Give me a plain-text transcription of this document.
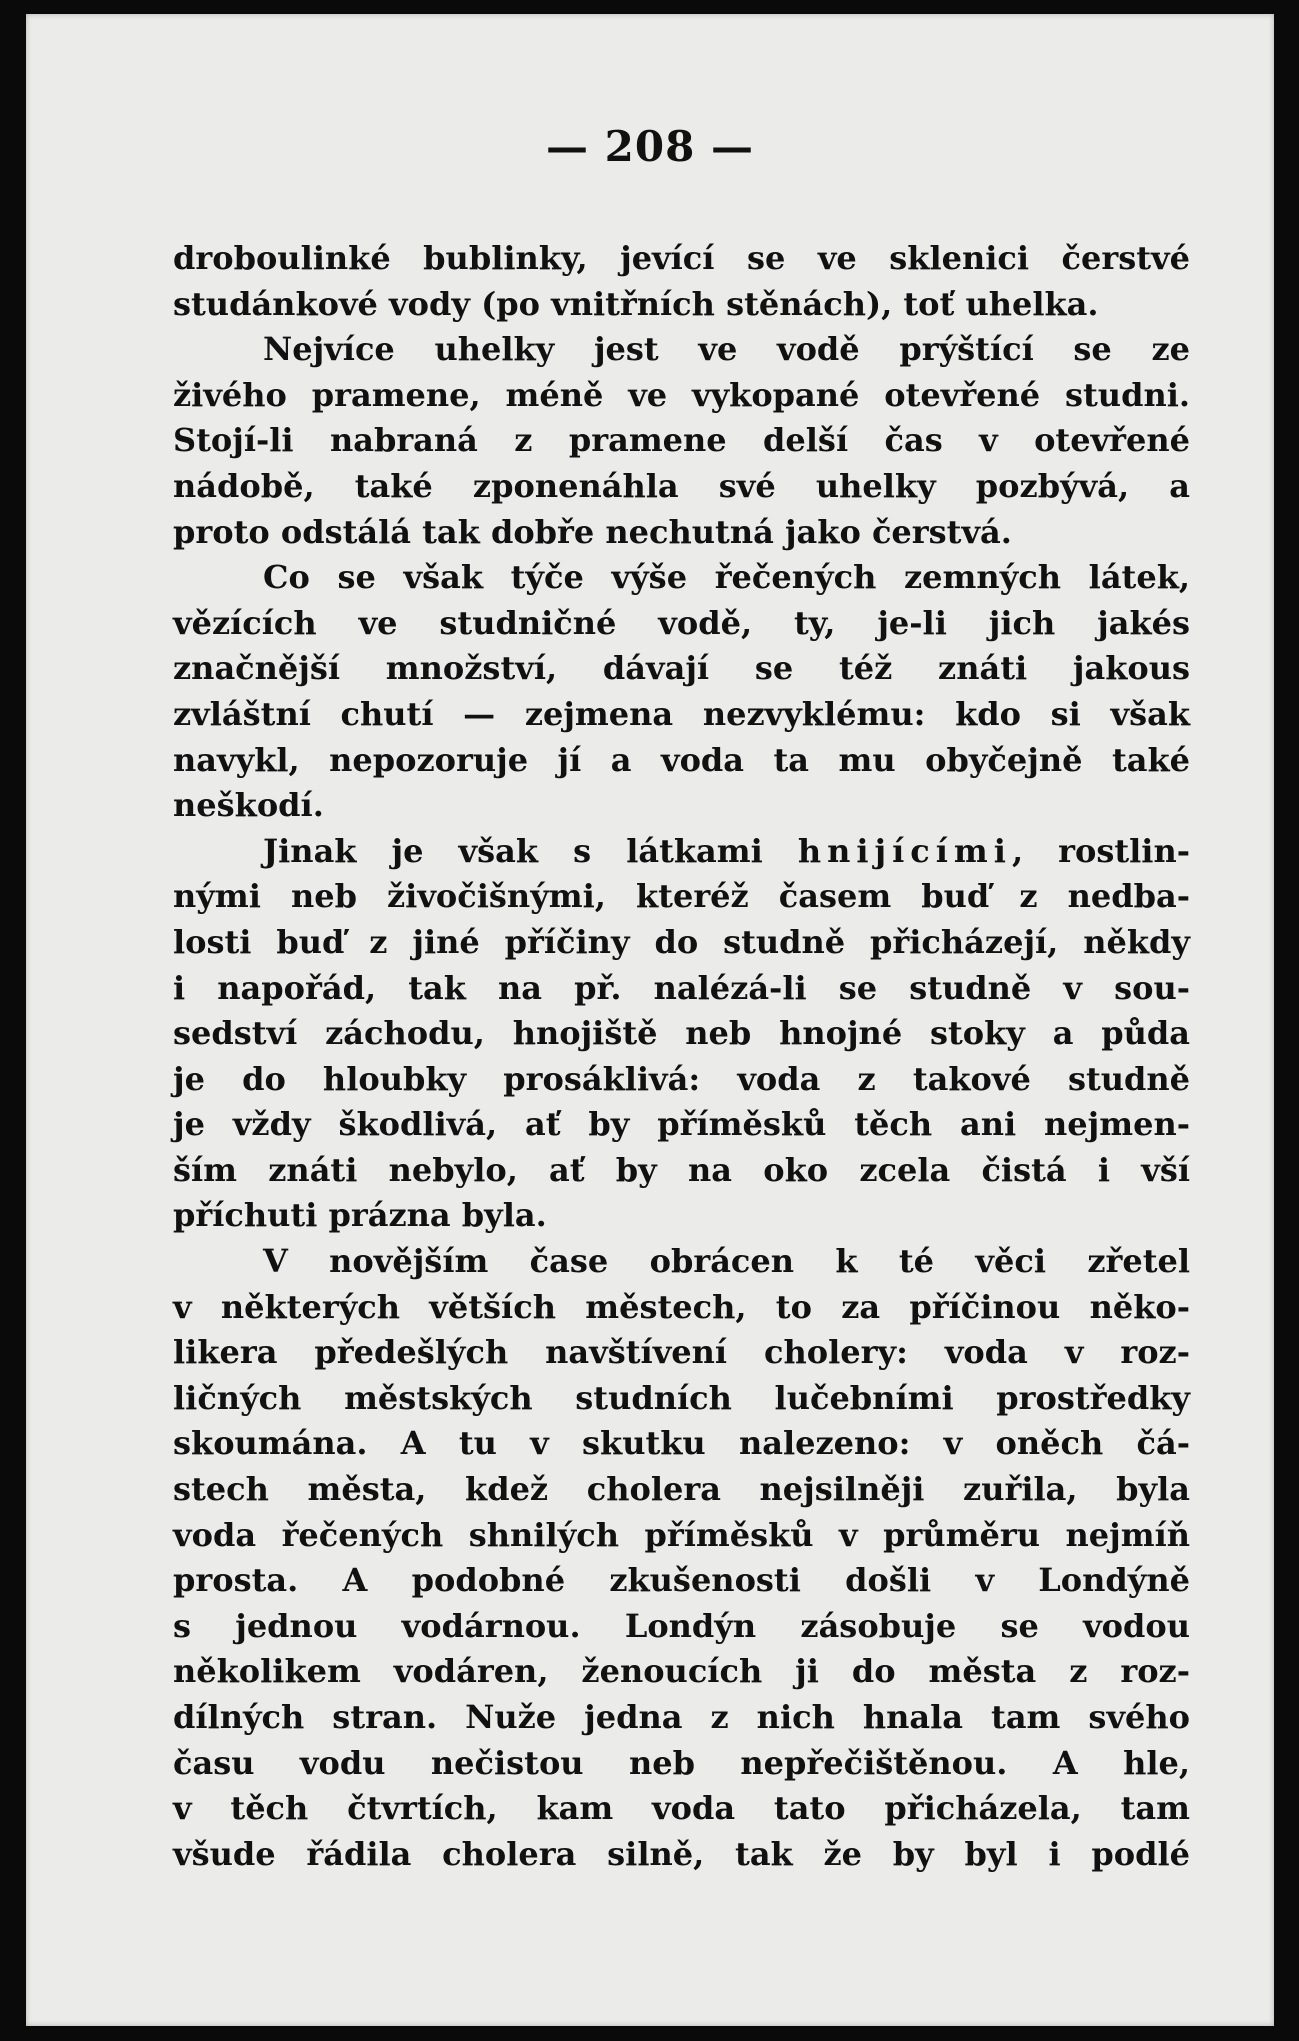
— 208 —
droboulinké bublinky, jevící se ve sklenici čerstvé
studánkové vody (po vnitřních stěnách), toť uhelka.
Nejvíce uhelky jest ve vodě prýštící se ze
živého pramene, méně ve vykopané otevřené studni.
Stojí-li nabraná z pramene delší čas v otevřené
nádobě, také zponenáhla své uhelky pozbývá, a
proto odstálá tak dobře nechutná jako čerstvá.
Co se však týče výše řečených zemných látek,
vězících ve studničné vodě, ty, je-li jich jakés
značnější množství, dávají se též znáti jakous
zvláštní chutí — zejmena nezvyklému: kdo si však
navykl, nepozoruje jí a voda ta mu obyčejně také
neškodí.
Jinak je však s látkami hnijícími, rostlin-
nými neb živočišnými, kteréž časem buď z nedba-
losti buď z jiné příčiny do studně přicházejí, někdy
i napořád, tak na př. nalézá-li se studně v sou-
sedství záchodu, hnojiště neb hnojné stoky a půda
je do hloubky prosáklivá: voda z takové studně
je vždy škodlivá, ať by příměsků těch ani nejmen-
ším znáti nebylo, ať by na oko zcela čistá i vší
příchuti prázna byla.
V novějším čase obrácen k té věci zřetel
v některých větších městech, to za příčinou něko-
likera předešlých navštívení cholery: voda v roz-
ličných městských studních lučebními prostředky
skoumána. A tu v skutku nalezeno: v oněch čá-
stech města, kdež cholera nejsilněji zuřila, byla
voda řečených shnilých příměsků v průměru nejmíň
prosta. A podobné zkušenosti došli v Londýně
s jednou vodárnou. Londýn zásobuje se vodou
několikem vodáren, ženoucích ji do města z roz-
dílných stran. Nuže jedna z nich hnala tam svého
času vodu nečistou neb nepřečištěnou. A hle,
v těch čtvrtích, kam voda tato přicházela, tam
všude řádila cholera silně, tak že by byl i podlé
